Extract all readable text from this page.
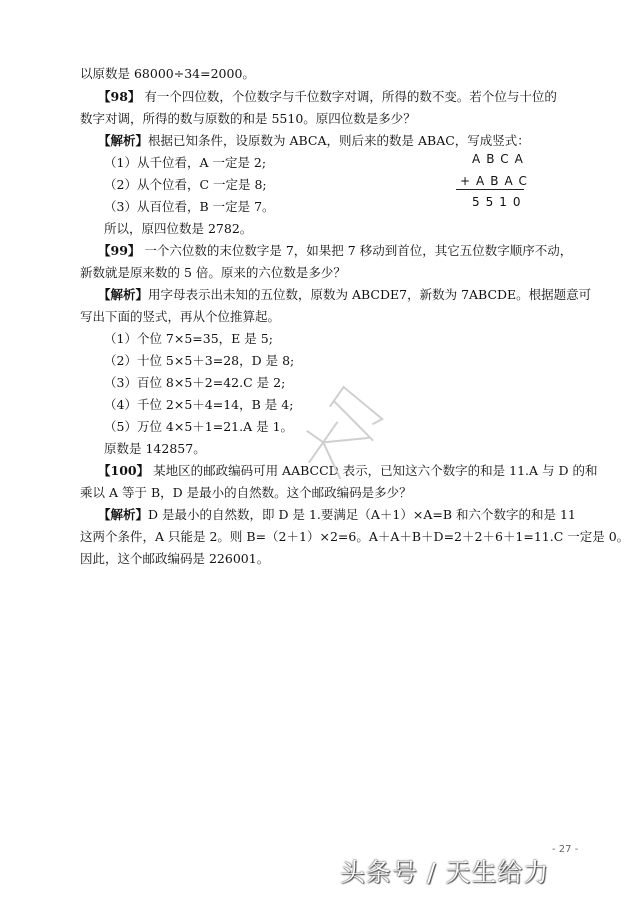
以原数是 68000÷34=2000。
【98】 有一个四位数，个位数字与千位数字对调，所得的数不变。若个位与十位的
数字对调，所得的数与原数的和是 5510。原四位数是多少？
【解析】根据已知条件，设原数为 ABCA，则后来的数是 ABAC，写成竖式：
（1）从千位看，A 一定是 2;
（2）从个位看，C 一定是 8;
（3）从百位看，B 一定是 7。
所以，原四位数是 2782。
ABCA
+ABAC
5510
【99】 一个六位数的末位数字是 7，如果把 7 移动到首位，其它五位数字顺序不动，
新数就是原来数的 5 倍。原来的六位数是多少？
【解析】用字母表示出未知的五位数，原数为 ABCDE7，新数为 7ABCDE。根据题意可
写出下面的竖式，再从个位推算起。
（1）个位 7×5=35，E 是 5;
（2）十位 5×5＋3=28，D 是 8;
（3）百位 8×5＋2=42.C 是 2;
（4）千位 2×5＋4=14，B 是 4;
（5）万位 4×5＋1=21.A 是 1。
原数是 142857。
【100】 某地区的邮政编码可用 AABCCD 表示，已知这六个数字的和是 11.A 与 D 的和
乘以 A 等于 B，D 是最小的自然数。这个邮政编码是多少？
【解析】D 是最小的自然数，即 D 是 1.要满足（A＋1）×A=B 和六个数字的和是 11
这两个条件，A 只能是 2。则 B=（2＋1）×2=6。A＋A＋B＋D=2＋2＋6＋1=11.C 一定是 0。
因此，这个邮政编码是 226001。
- 27 -
头条号 / 天生给力
